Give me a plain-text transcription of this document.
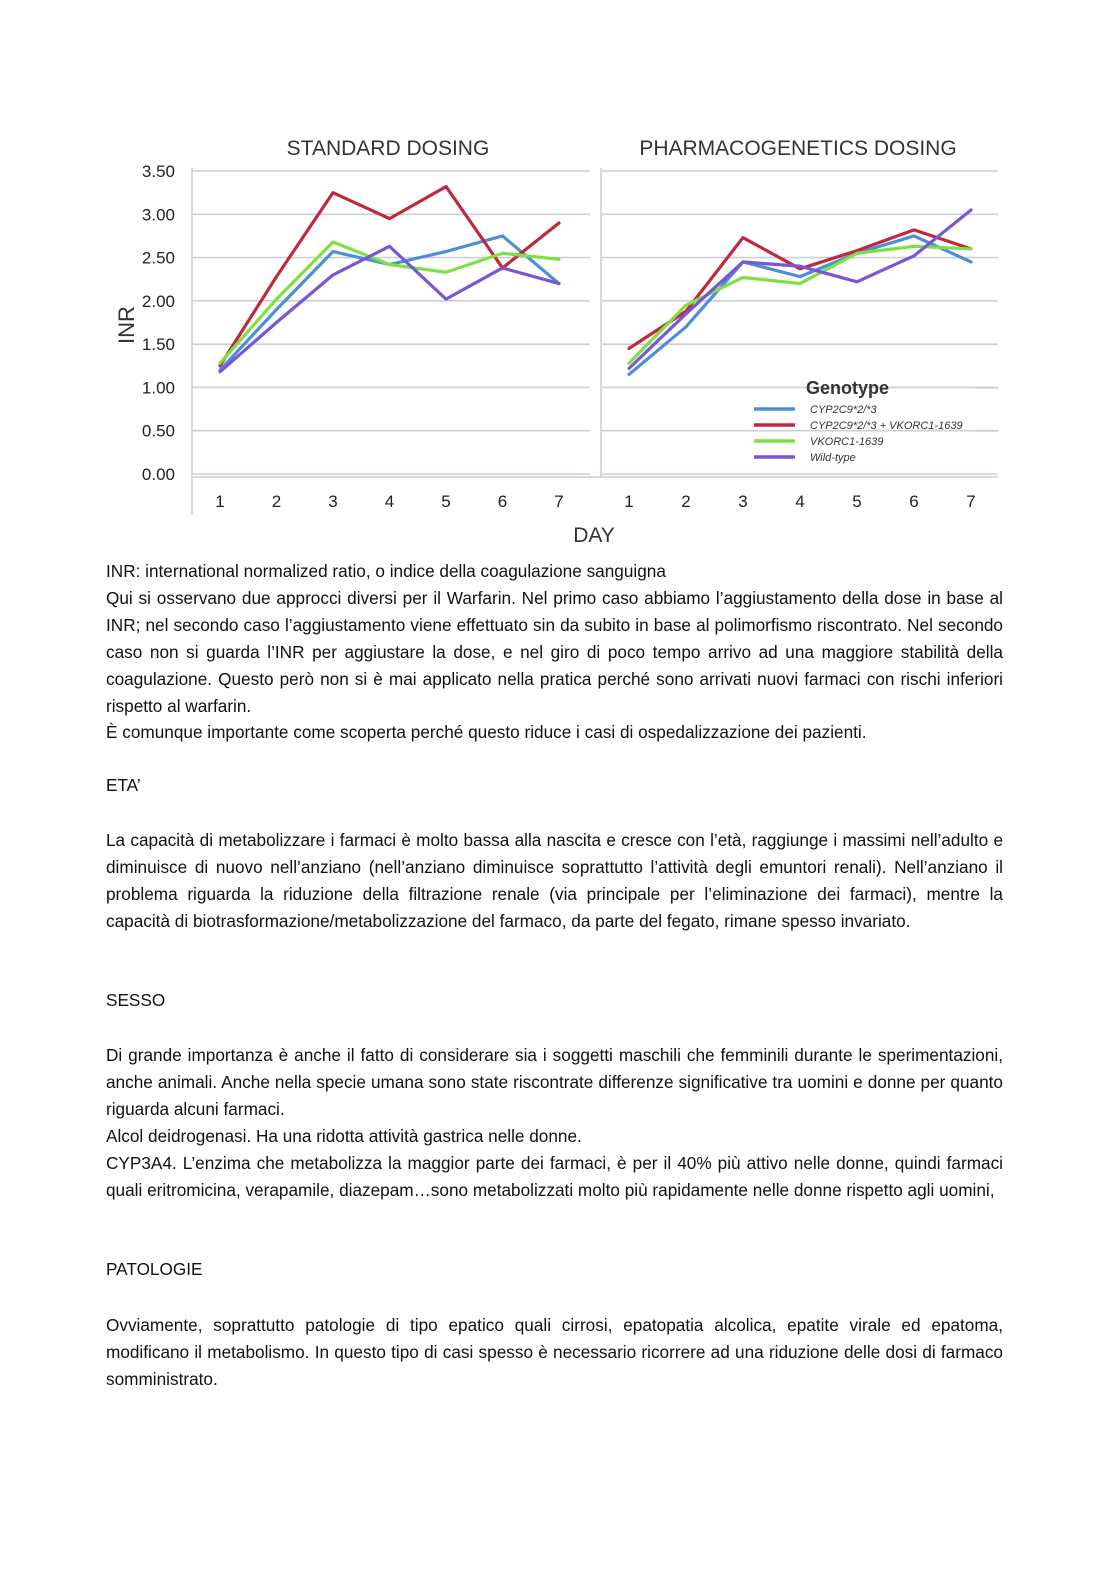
0.00
0.50
1.00
1.50
2.00
2.50
3.00
3.50
INR
DAY
STANDARD DOSING
1	2	3	4	5	6	7
PHARMACOGENETICS DOSING
1	2	3	4	5	6	7
Genotype
CYP2C9*2/*3
CYP2C9*2/*3 + VKORC1-1639
VKORC1-1639
Wild-type

INR: international normalized ratio, o indice della coagulazione sanguigna

Qui si osservano due approcci diversi per il Warfarin. Nel primo caso abbiamo l’aggiustamento della dose in base al INR; nel secondo caso l’aggiustamento viene effettuato sin da subito in base al polimorfismo riscontrato. Nel secondo caso non si guarda l’INR per aggiustare la dose, e nel giro di poco tempo arrivo ad una maggiore stabilità della coagulazione. Questo però non si è mai applicato nella pratica perché sono arrivati nuovi farmaci con rischi inferiori rispetto al warfarin.

È comunque importante come scoperta perché questo riduce i casi di ospedalizzazione dei pazienti.

ETA’

La capacità di metabolizzare i farmaci è molto bassa alla nascita e cresce con l’età, raggiunge i massimi nell’adulto e diminuisce di nuovo nell’anziano (nell’anziano diminuisce soprattutto l’attività degli emuntori renali). Nell’anziano il problema riguarda la riduzione della filtrazione renale (via principale per l’eliminazione dei farmaci), mentre la capacità di biotrasformazione/metabolizzazione del farmaco, da parte del fegato, rimane spesso invariato.

SESSO

Di grande importanza è anche il fatto di considerare sia i soggetti maschili che femminili durante le sperimentazioni, anche animali. Anche nella specie umana sono state riscontrate differenze significative tra uomini e donne per quanto riguarda alcuni farmaci.

Alcol deidrogenasi. Ha una ridotta attività gastrica nelle donne.

CYP3A4. L’enzima che metabolizza la maggior parte dei farmaci, è per il 40% più attivo nelle donne, quindi farmaci quali eritromicina, verapamile, diazepam…sono metabolizzati molto più rapidamente nelle donne rispetto agli uomini,

PATOLOGIE

Ovviamente, soprattutto patologie di tipo epatico quali cirrosi, epatopatia alcolica, epatite virale ed epatoma, modificano il metabolismo. In questo tipo di casi spesso è necessario ricorrere ad una riduzione delle dosi di farmaco somministrato.
